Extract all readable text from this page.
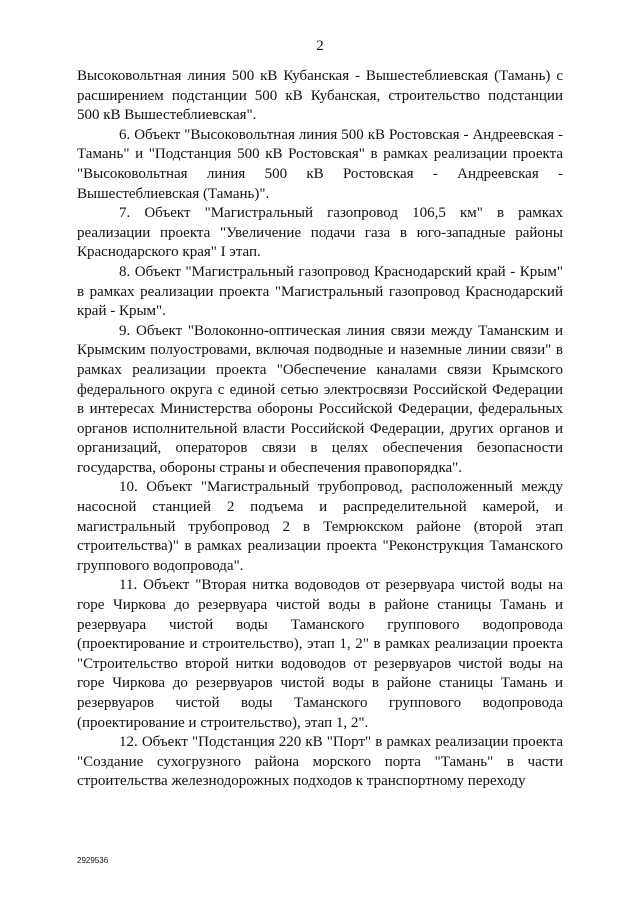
2

Высоковольтная линия 500 кВ Кубанская - Вышестеблиевская (Тамань) с расширением подстанции 500 кВ Кубанская, строительство подстанции 500 кВ Вышестеблиевская".

6. Объект "Высоковольтная линия 500 кВ Ростовская - Андреевская - Тамань" и "Подстанция 500 кВ Ростовская" в рамках реализации проекта "Высоковольтная линия 500 кВ Ростовская - Андреевская - Вышестеблиевская (Тамань)".

7. Объект "Магистральный газопровод 106,5 км" в рамках реализации проекта "Увеличение подачи газа в юго-западные районы Краснодарского края" I этап.

8. Объект "Магистральный газопровод Краснодарский край - Крым" в рамках реализации проекта "Магистральный газопровод Краснодарский край - Крым".

9. Объект "Волоконно-оптическая линия связи между Таманским и Крымским полуостровами, включая подводные и наземные линии связи" в рамках реализации проекта "Обеспечение каналами связи Крымского федерального округа с единой сетью электросвязи Российской Федерации в интересах Министерства обороны Российской Федерации, федеральных органов исполнительной власти Российской Федерации, других органов и организаций, операторов связи в целях обеспечения безопасности государства, обороны страны и обеспечения правопорядка".

10. Объект "Магистральный трубопровод, расположенный между насосной станцией 2 подъема и распределительной камерой, и магистральный трубопровод 2 в Темрюкском районе (второй этап строительства)" в рамках реализации проекта "Реконструкция Таманского группового водопровода".

11. Объект "Вторая нитка водоводов от резервуара чистой воды на горе Чиркова до резервуара чистой воды в районе станицы Тамань и резервуара чистой воды Таманского группового водопровода (проектирование и строительство), этап 1, 2" в рамках реализации проекта "Строительство второй нитки водоводов от резервуаров чистой воды на горе Чиркова до резервуаров чистой воды в районе станицы Тамань и резервуаров чистой воды Таманского группового водопровода (проектирование и строительство), этап 1, 2".

12. Объект "Подстанция 220 кВ "Порт" в рамках реализации проекта "Создание сухогрузного района морского порта "Тамань" в части строительства железнодорожных подходов к транспортному переходу

2929536
